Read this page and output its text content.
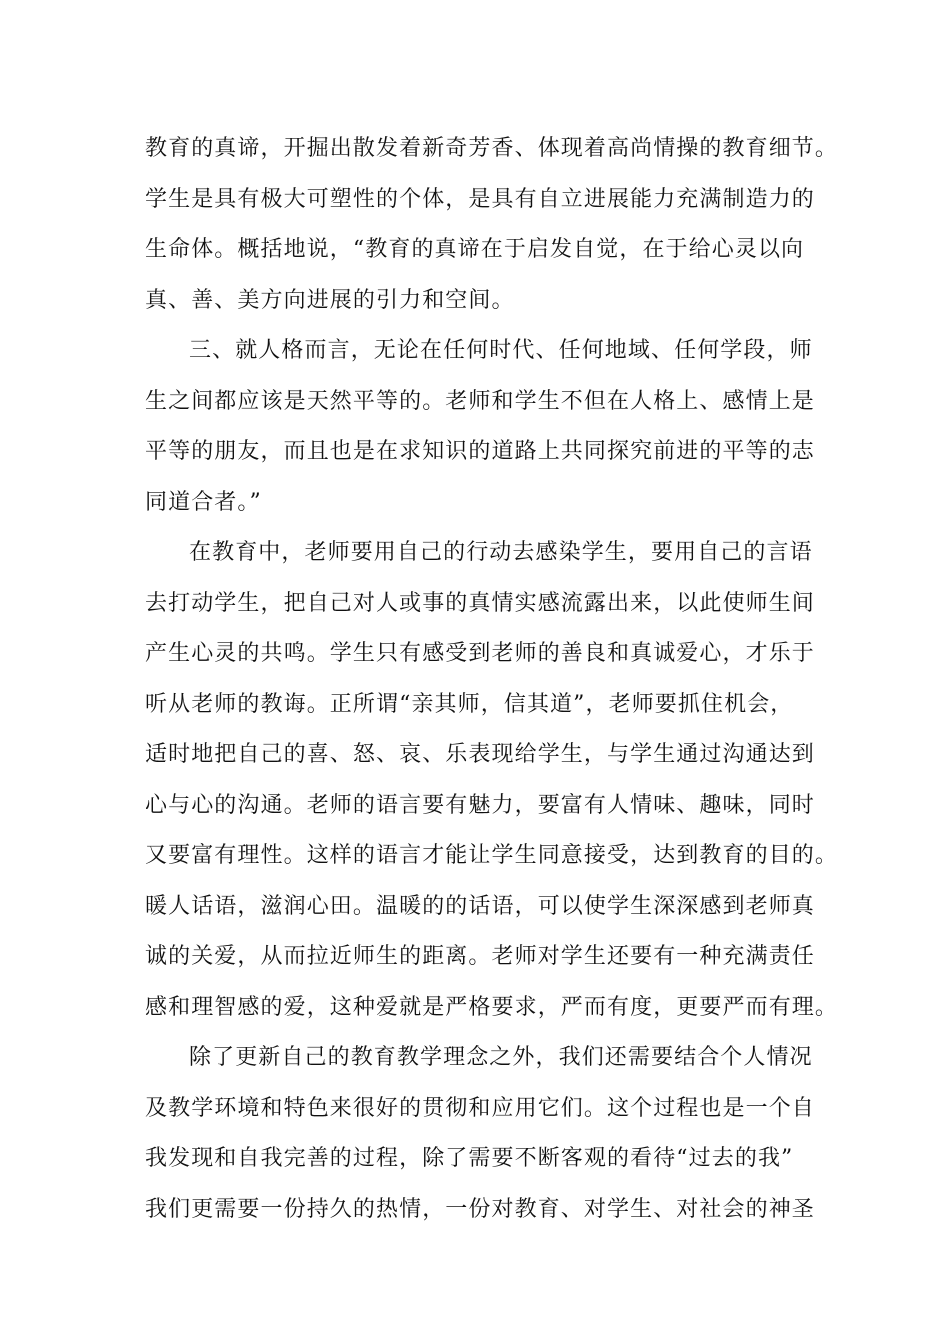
教育的真谛，开掘出散发着新奇芳香、体现着高尚情操的教育细节。
学生是具有极大可塑性的个体，是具有自立进展能力充满制造力的
生命体。概括地说，“教育的真谛在于启发自觉，在于给心灵以向
真、善、美方向进展的引力和空间。
三、就人格而言，无论在任何时代、任何地域、任何学段，师
生之间都应该是天然平等的。老师和学生不但在人格上、感情上是
平等的朋友，而且也是在求知识的道路上共同探究前进的平等的志
同道合者。”
在教育中，老师要用自己的行动去感染学生，要用自己的言语
去打动学生，把自己对人或事的真情实感流露出来，以此使师生间
产生心灵的共鸣。学生只有感受到老师的善良和真诚爱心，才乐于
听从老师的教诲。正所谓“亲其师，信其道”，老师要抓住机会，
适时地把自己的喜、怒、哀、乐表现给学生，与学生通过沟通达到
心与心的沟通。老师的语言要有魅力，要富有人情味、趣味，同时
又要富有理性。这样的语言才能让学生同意接受，达到教育的目的。
暖人话语，滋润心田。温暖的的话语，可以使学生深深感到老师真
诚的关爱，从而拉近师生的距离。老师对学生还要有一种充满责任
感和理智感的爱，这种爱就是严格要求，严而有度，更要严而有理。
除了更新自己的教育教学理念之外，我们还需要结合个人情况
及教学环境和特色来很好的贯彻和应用它们。这个过程也是一个自
我发现和自我完善的过程，除了需要不断客观的看待“过去的我”
我们更需要一份持久的热情，一份对教育、对学生、对社会的神圣
